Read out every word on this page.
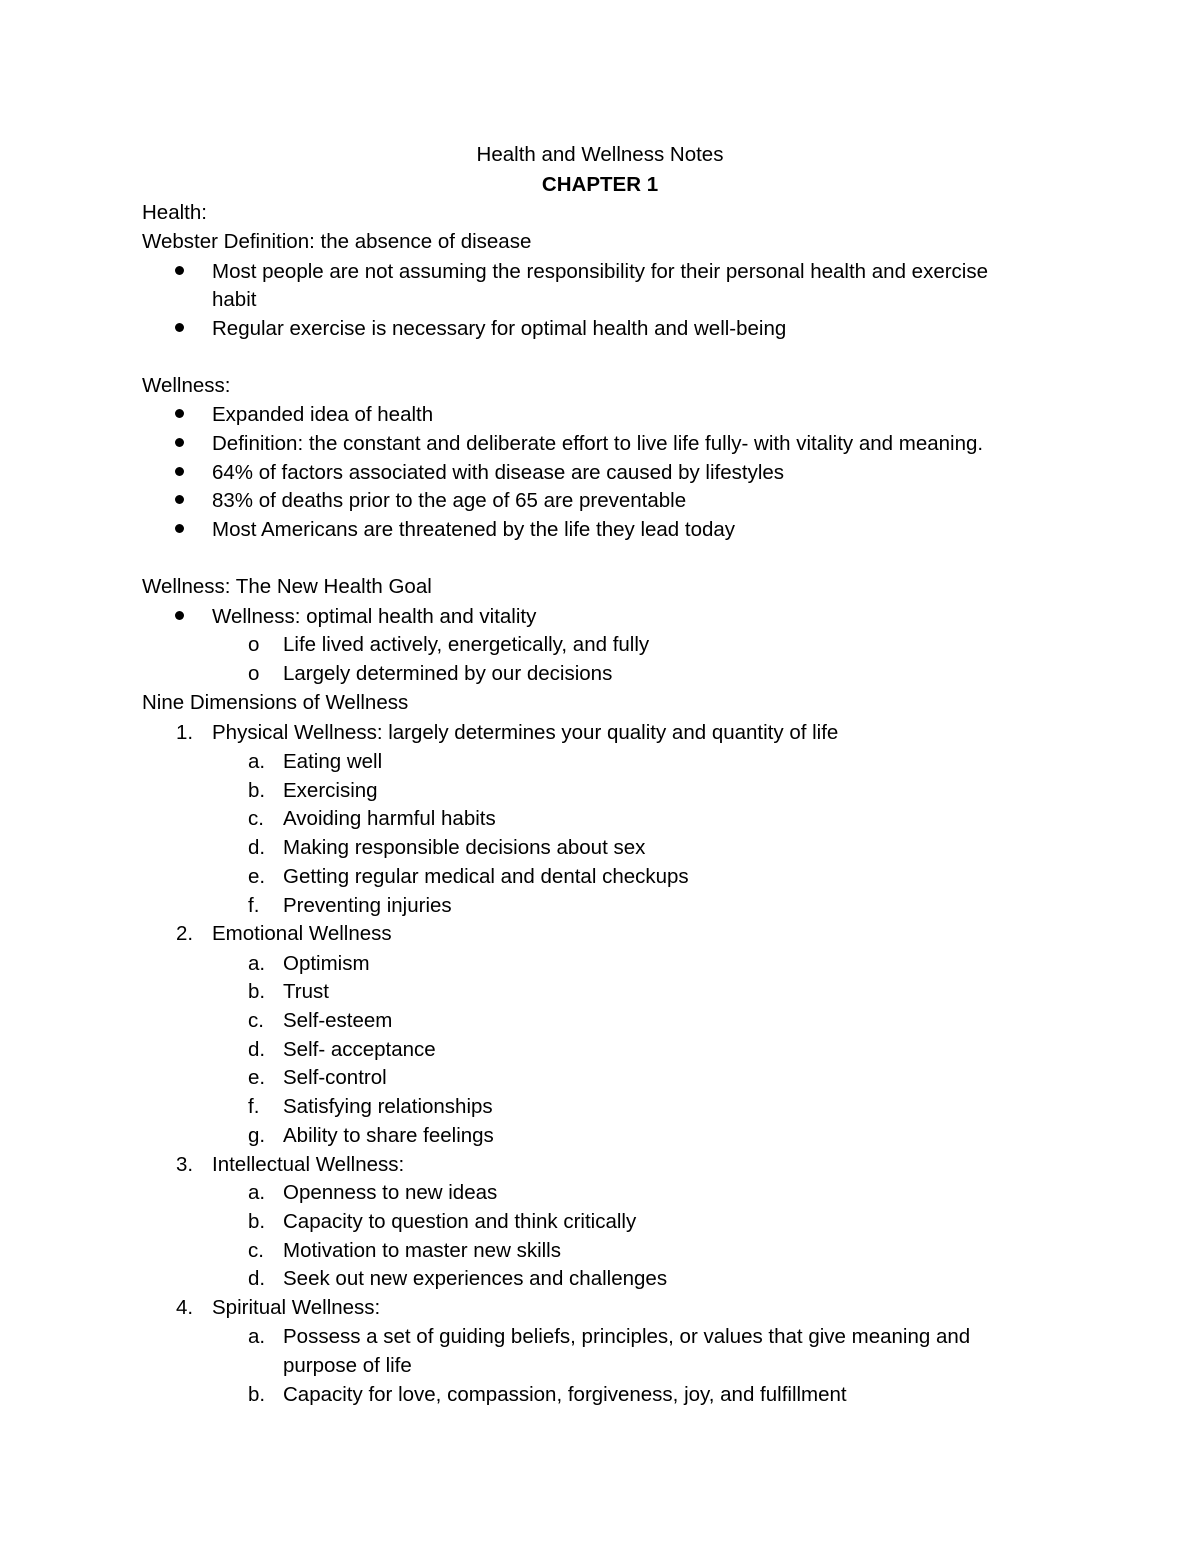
Health and Wellness Notes
CHAPTER 1
Health:
Webster Definition: the absence of disease
Most people are not assuming the responsibility for their personal health and exercise
habit
Regular exercise is necessary for optimal health and well-being
Wellness:
Expanded idea of health
Definition: the constant and deliberate effort to live life fully- with vitality and meaning.
64% of factors associated with disease are caused by lifestyles
83% of deaths prior to the age of 65 are preventable
Most Americans are threatened by the life they lead today
Wellness: The New Health Goal
Wellness: optimal health and vitality
o Life lived actively, energetically, and fully
o Largely determined by our decisions
Nine Dimensions of Wellness
1. Physical Wellness: largely determines your quality and quantity of life
a. Eating well
b. Exercising
c. Avoiding harmful habits
d. Making responsible decisions about sex
e. Getting regular medical and dental checkups
f. Preventing injuries
2. Emotional Wellness
a. Optimism
b. Trust
c. Self-esteem
d. Self- acceptance
e. Self-control
f. Satisfying relationships
g. Ability to share feelings
3. Intellectual Wellness:
a. Openness to new ideas
b. Capacity to question and think critically
c. Motivation to master new skills
d. Seek out new experiences and challenges
4. Spiritual Wellness:
a. Possess a set of guiding beliefs, principles, or values that give meaning and
purpose of life
b. Capacity for love, compassion, forgiveness, joy, and fulfillment
